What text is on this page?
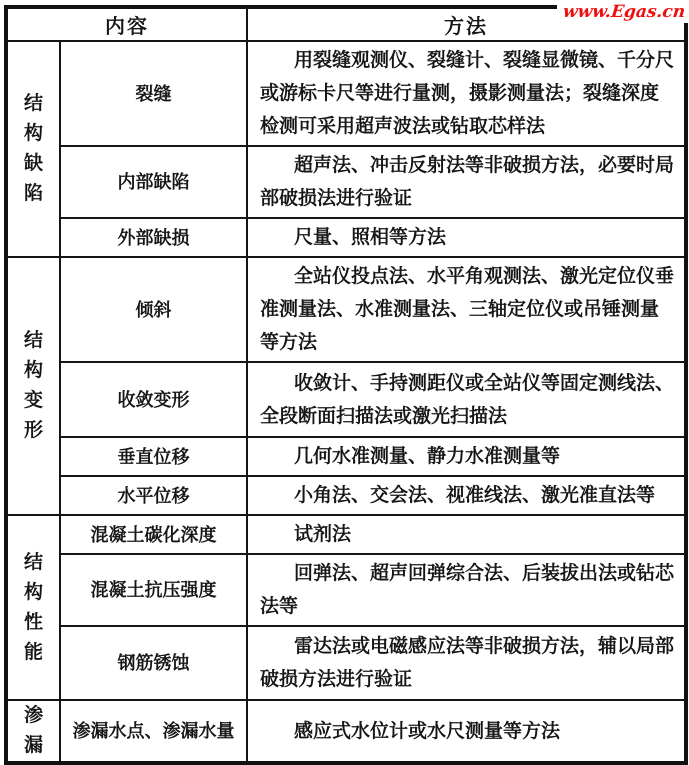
内容		方法
结构缺陷	裂缝	用裂缝观测仪、裂缝计、裂缝显微镜、千分尺或游标卡尺等进行量测，摄影测量法；裂缝深度检测可采用超声波法或钻取芯样法
	内部缺陷	超声法、冲击反射法等非破损方法，必要时局部破损法进行验证
	外部缺损	尺量、照相等方法
结构变形	倾斜	全站仪投点法、水平角观测法、激光定位仪垂准测量法、水准测量法、三轴定位仪或吊锤测量等方法
	收敛变形	收敛计、手持测距仪或全站仪等固定测线法、全段断面扫描法或激光扫描法
	垂直位移	几何水准测量、静力水准测量等
	水平位移	小角法、交会法、视准线法、激光准直法等
结构性能	混凝土碳化深度	试剂法
	混凝土抗压强度	回弹法、超声回弹综合法、后装拔出法或钻芯法等
	钢筋锈蚀	雷达法或电磁感应法等非破损方法，辅以局部破损方法进行验证
渗漏	渗漏水点、渗漏水量	感应式水位计或水尺测量等方法
www.Egas.cn
